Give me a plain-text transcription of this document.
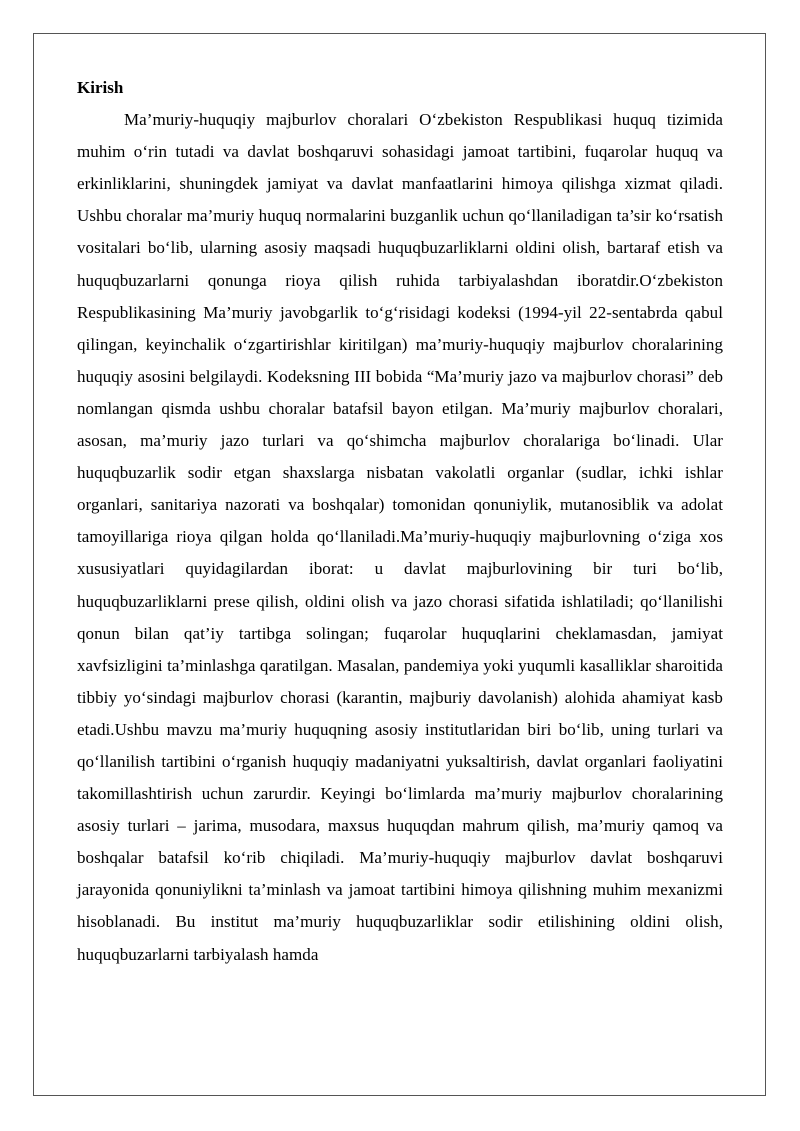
Kirish

Ma’muriy-huquqiy majburlov choralari O‘zbekiston Respublikasi huquq tizimida muhim o‘rin tutadi va davlat boshqaruvi sohasidagi jamoat tartibini, fuqarolar huquq va erkinliklarini, shuningdek jamiyat va davlat manfaatlarini himoya qilishga xizmat qiladi. Ushbu choralar ma’muriy huquq normalarini buzganlik uchun qo‘llaniladigan ta’sir ko‘rsatish vositalari bo‘lib, ularning asosiy maqsadi huquqbuzarliklarni oldini olish, bartaraf etish va huquqbuzarlarni qonunga rioya qilish ruhida tarbiyalashdan iboratdir.O‘zbekiston Respublikasining Ma’muriy javobgarlik to‘g‘risidagi kodeksi (1994-yil 22-sentabrda qabul qilingan, keyinchalik o‘zgartirishlar kiritilgan) ma’muriy-huquqiy majburlov choralarining huquqiy asosini belgilaydi. Kodeksning III bobida “Ma’muriy jazo va majburlov chorasi” deb nomlangan qismda ushbu choralar batafsil bayon etilgan. Ma’muriy majburlov choralari, asosan, ma’muriy jazo turlari va qo‘shimcha majburlov choralariga bo‘linadi. Ular huquqbuzarlik sodir etgan shaxslarga nisbatan vakolatli organlar (sudlar, ichki ishlar organlari, sanitariya nazorati va boshqalar) tomonidan qonuniylik, mutanosiblik va adolat tamoyillariga rioya qilgan holda qo‘llaniladi.Ma’muriy-huquqiy majburlovning o‘ziga xos xususiyatlari quyidagilardan iborat: u davlat majburlovining bir turi bo‘lib, huquqbuzarliklarni prese qilish, oldini olish va jazo chorasi sifatida ishlatiladi; qo‘llanilishi qonun bilan qat’iy tartibga solingan; fuqarolar huquqlarini cheklamasdan, jamiyat xavfsizligini ta’minlashga qaratilgan. Masalan, pandemiya yoki yuqumli kasalliklar sharoitida tibbiy yo‘sindagi majburlov chorasi (karantin, majburiy davolanish) alohida ahamiyat kasb etadi.Ushbu mavzu ma’muriy huquqning asosiy institutlaridan biri bo‘lib, uning turlari va qo‘llanilish tartibini o‘rganish huquqiy madaniyatni yuksaltirish, davlat organlari faoliyatini takomillashtirish uchun zarurdir. Keyingi bo‘limlarda ma’muriy majburlov choralarining asosiy turlari – jarima, musodara, maxsus huquqdan mahrum qilish, ma’muriy qamoq va boshqalar batafsil ko‘rib chiqiladi. Ma’muriy-huquqiy majburlov davlat boshqaruvi jarayonida qonuniylikni ta’minlash va jamoat tartibini himoya qilishning muhim mexanizmi hisoblanadi. Bu institut ma’muriy huquqbuzarliklar sodir etilishining oldini olish, huquqbuzarlarni tarbiyalash hamda
